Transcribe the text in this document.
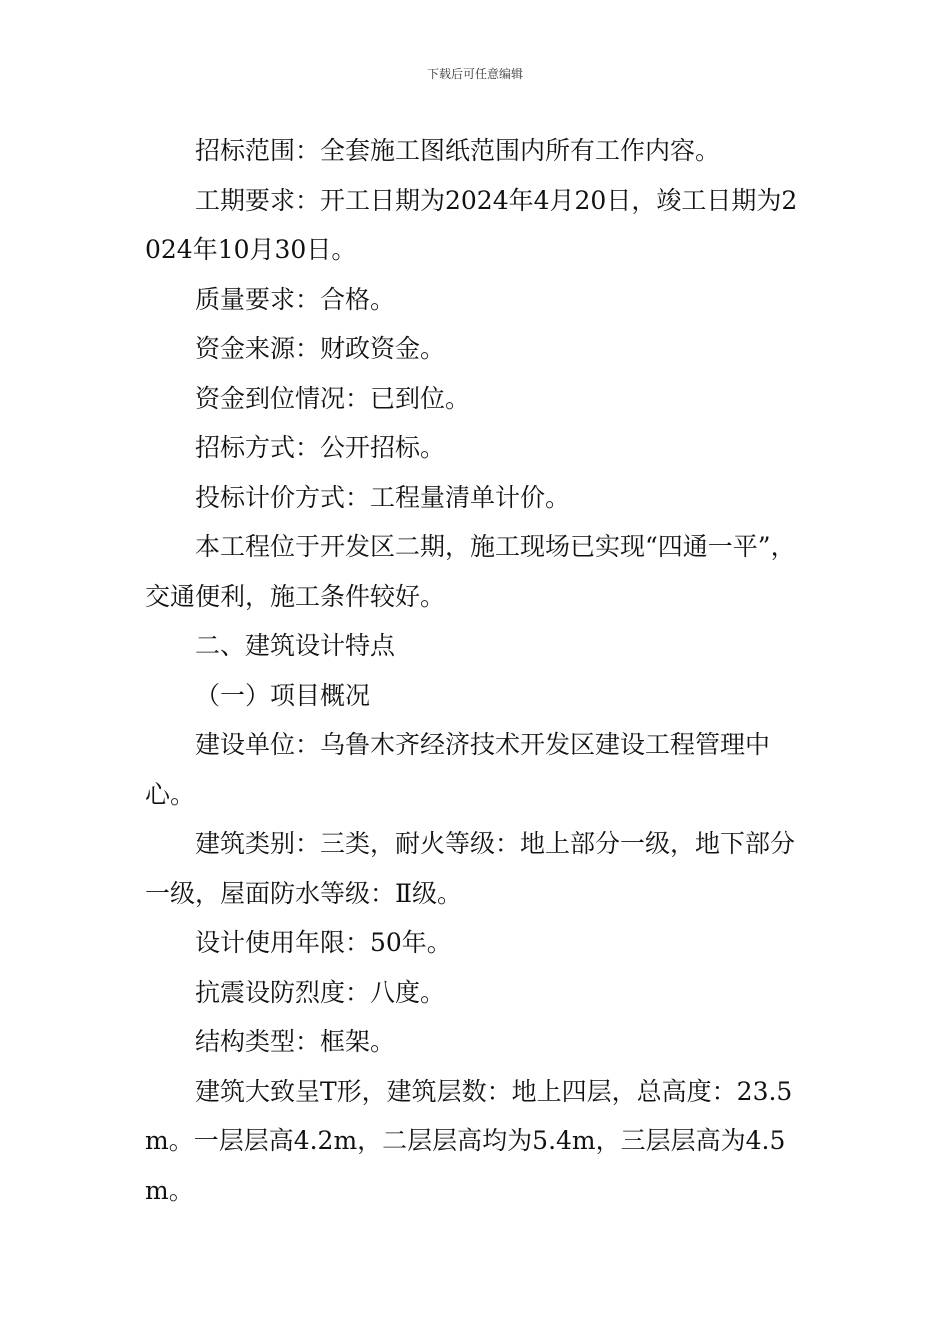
下载后可任意编辑

招标范围：全套施工图纸范围内所有工作内容。

工期要求：开工日期为2024年4月20日，竣工日期为2024年10月30日。

质量要求：合格。

资金来源：财政资金。

资金到位情况：已到位。

招标方式：公开招标。

投标计价方式：工程量清单计价。

本工程位于开发区二期，施工现场已实现“四通一平”，交通便利，施工条件较好。

二、建筑设计特点

（一）项目概况

建设单位：乌鲁木齐经济技术开发区建设工程管理中心。

建筑类别：三类，耐火等级：地上部分一级，地下部分一级，屋面防水等级：Ⅱ级。

设计使用年限：50年。

抗震设防烈度：八度。

结构类型：框架。

建筑大致呈T形，建筑层数：地上四层，总高度：23.5m。一层层高4.2m，二层层高均为5.4m，三层层高为4.5m。
